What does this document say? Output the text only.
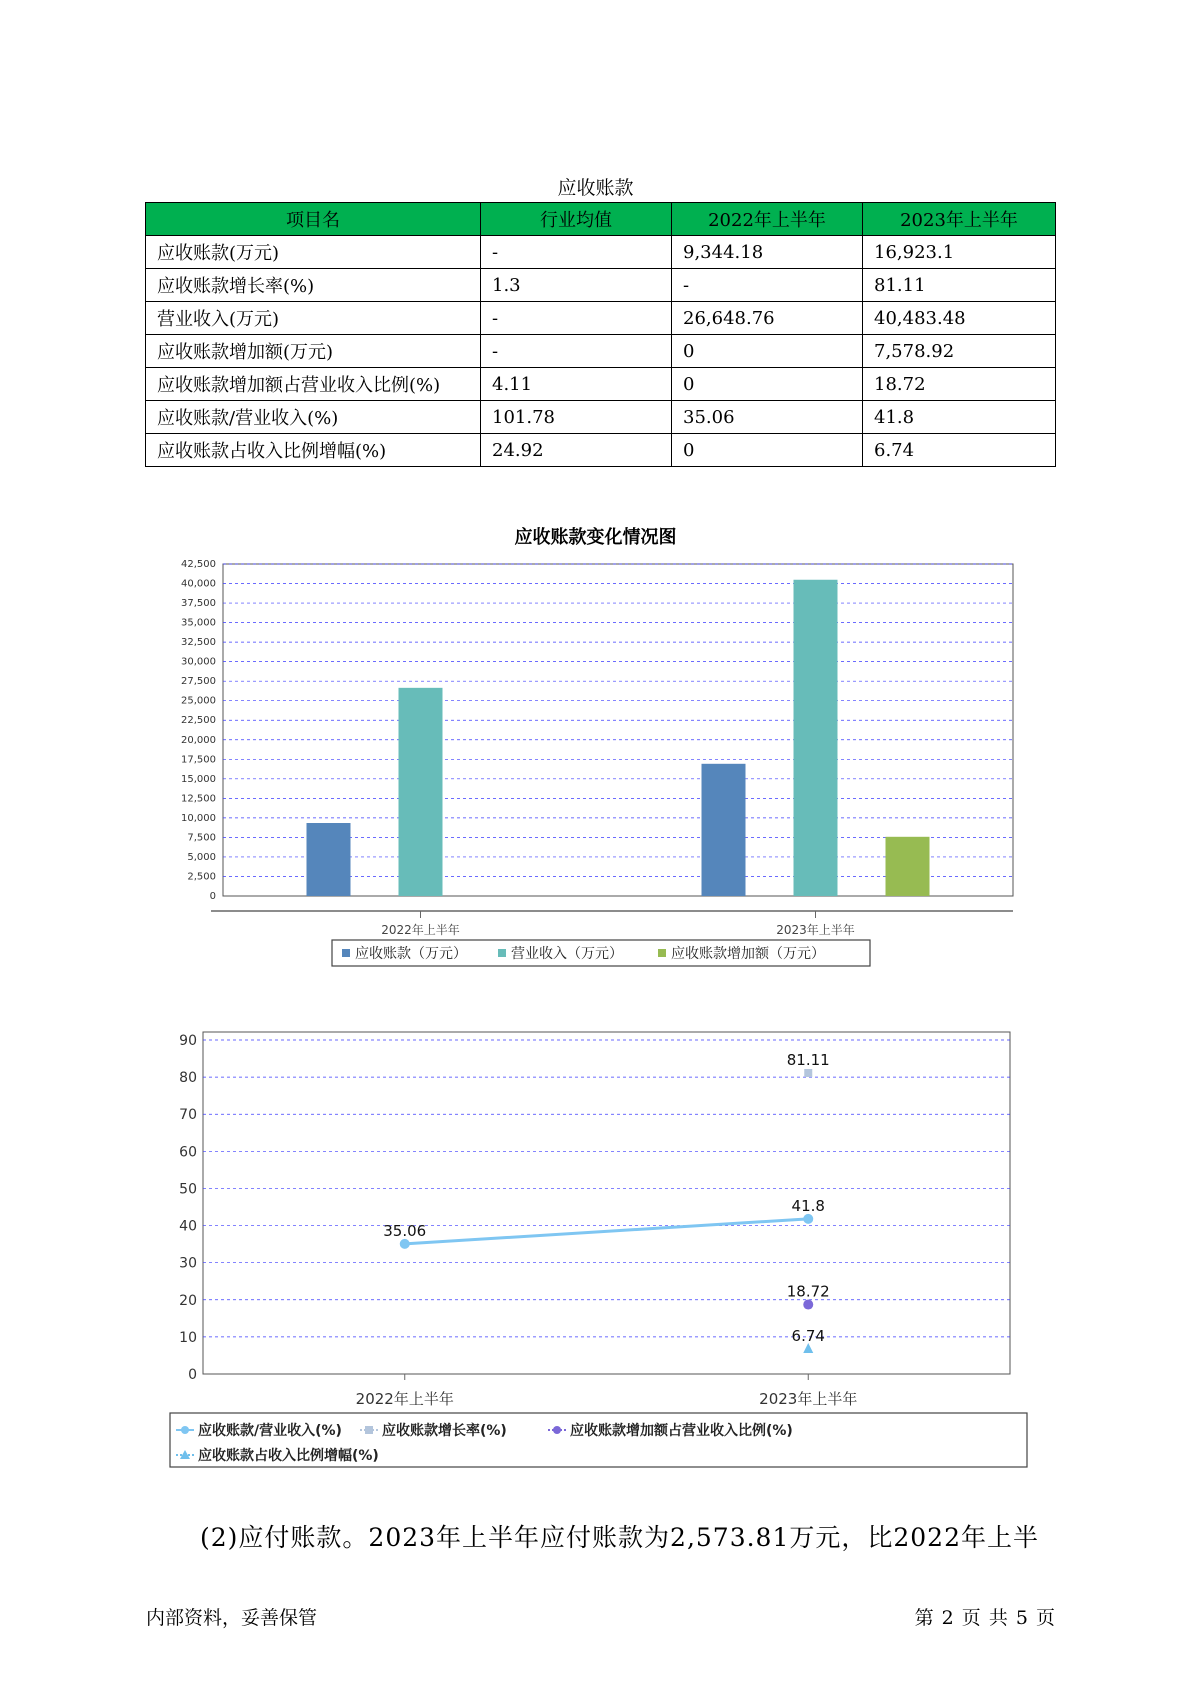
应收账款
项目名	行业均值	2022年上半年	2023年上半年
应收账款(万元)	-	9,344.18	16,923.1
应收账款增长率(%)	1.3	-	81.11
营业收入(万元)	-	26,648.76	40,483.48
应收账款增加额(万元)	-	0	7,578.92
应收账款增加额占营业收入比例(%)	4.11	0	18.72
应收账款/营业收入(%)	101.78	35.06	41.8
应收账款占收入比例增幅(%)	24.92	0	6.74
应收账款变化情况图
0
2,500
5,000
7,500
10,000
12,500
15,000
17,500
20,000
22,500
25,000
27,500
30,000
32,500
35,000
37,500
40,000
42,500
2022年上半年	2023年上半年
应收账款（万元）	营业收入（万元）	应收账款增加额（万元）
0
10
20
30
40
50
60
70
80
90
2022年上半年	2023年上半年
35.06
41.8
81.11
18.72
6.74
应收账款/营业收入(%)	应收账款增长率(%)	应收账款增加额占营业收入比例(%)
应收账款占收入比例增幅(%)
(2)应付账款。2023年上半年应付账款为2,573.81万元，比2022年上半
内部资料，妥善保管	第 2 页 共 5 页
